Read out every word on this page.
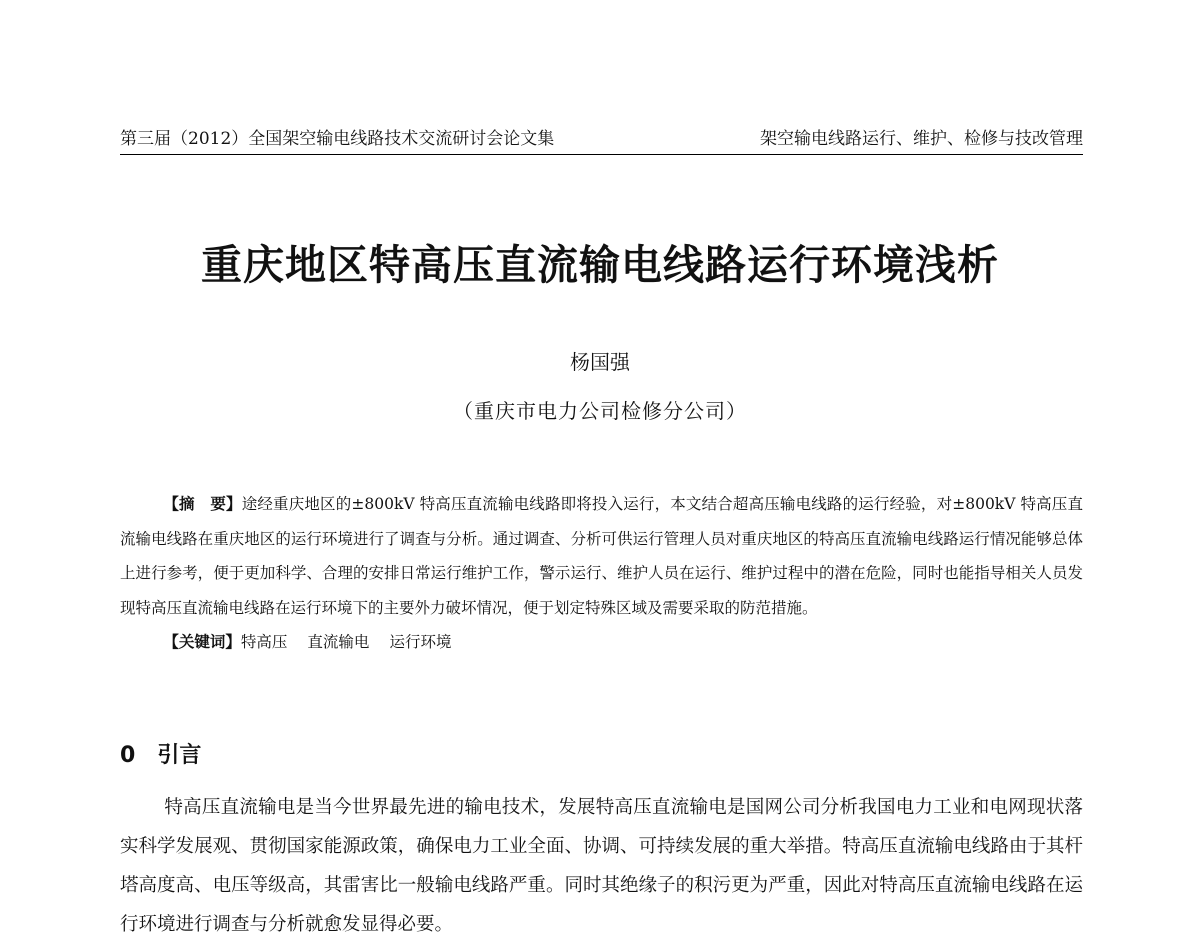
第三届（2012）全国架空输电线路技术交流研讨会论文集	架空输电线路运行、维护、检修与技改管理
重庆地区特高压直流输电线路运行环境浅析
杨国强
（重庆市电力公司检修分公司）

【摘　要】途经重庆地区的±800kV 特高压直流输电线路即将投入运行，本文结合超高压输电线路的运行经验，对±800kV 特高压直流输电线路在重庆地区的运行环境进行了调查与分析。通过调查、分析可供运行管理人员对重庆地区的特高压直流输电线路运行情况能够总体上进行参考，便于更加科学、合理的安排日常运行维护工作，警示运行、维护人员在运行、维护过程中的潜在危险，同时也能指导相关人员发现特高压直流输电线路在运行环境下的主要外力破坏情况，便于划定特殊区域及需要采取的防范措施。

【关键词】特高压 直流输电 运行环境

0 引言

特高压直流输电是当今世界最先进的输电技术，发展特高压直流输电是国网公司分析我国电力工业和电网现状落实科学发展观、贯彻国家能源政策，确保电力工业全面、协调、可持续发展的重大举措。特高压直流输电线路由于其杆塔高度高、电压等级高，其雷害比一般输电线路严重。同时其绝缘子的积污更为严重，因此对特高压直流输电线路在运行环境进行调查与分析就愈发显得必要。
